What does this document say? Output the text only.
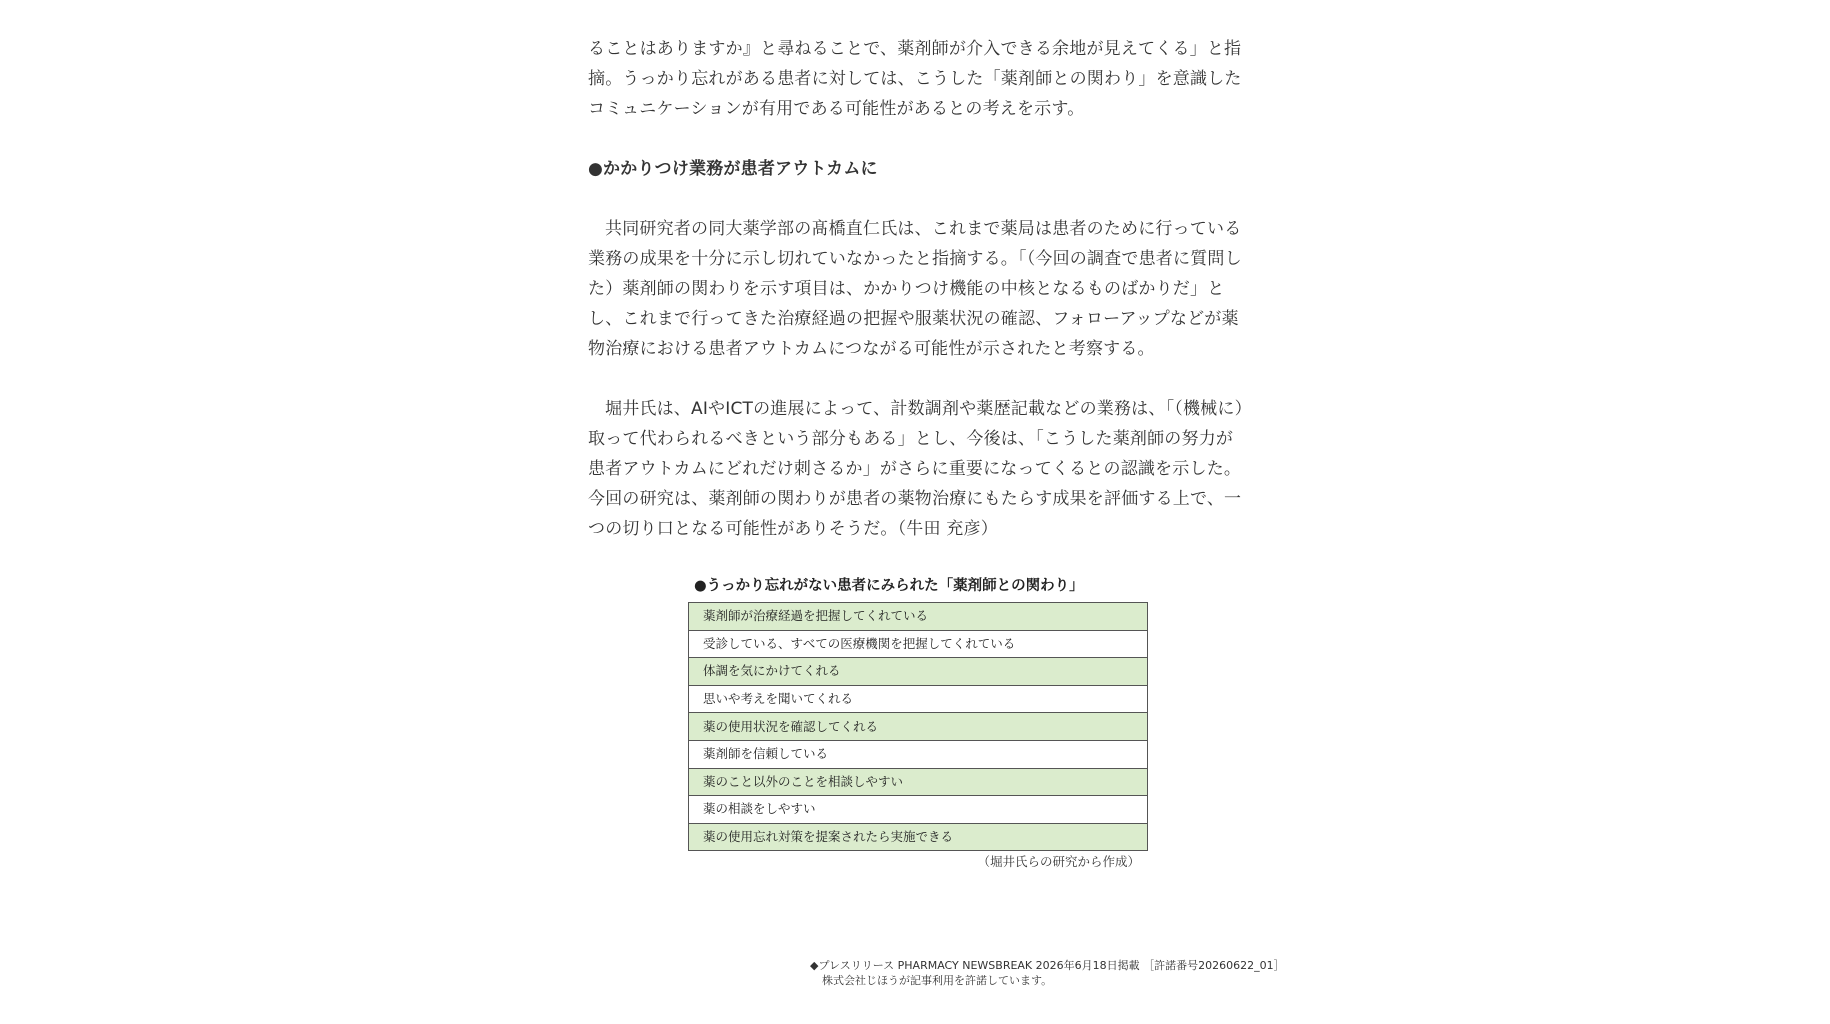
ることはありますか』と尋ねることで、薬剤師が介入できる余地が見えてくる」と指摘。うっかり忘れがある患者に対しては、こうした「薬剤師との関わり」を意識したコミュニケーションが有用である可能性があるとの考えを示す。

●かかりつけ業務が患者アウトカムに

共同研究者の同大薬学部の髙橋直仁氏は、これまで薬局は患者のために行っている業務の成果を十分に示し切れていなかったと指摘する。「（今回の調査で患者に質問した）薬剤師の関わりを示す項目は、かかりつけ機能の中核となるものばかりだ」とし、これまで行ってきた治療経過の把握や服薬状況の確認、フォローアップなどが薬物治療における患者アウトカムにつながる可能性が示されたと考察する。

堀井氏は、AIやICTの進展によって、計数調剤や薬歴記載などの業務は、「（機械に）取って代わられるべきという部分もある」とし、今後は、「こうした薬剤師の努力が患者アウトカムにどれだけ刺さるか」がさらに重要になってくるとの認識を示した。今回の研究は、薬剤師の関わりが患者の薬物治療にもたらす成果を評価する上で、一つの切り口となる可能性がありそうだ。（牛田 充彦）

●うっかり忘れがない患者にみられた「薬剤師との関わり」
薬剤師が治療経過を把握してくれている
受診している、すべての医療機関を把握してくれている
体調を気にかけてくれる
思いや考えを聞いてくれる
薬の使用状況を確認してくれる
薬剤師を信頼している
薬のこと以外のことを相談しやすい
薬の相談をしやすい
薬の使用忘れ対策を提案されたら実施できる
（堀井氏らの研究から作成）
◆プレスリリース PHARMACY NEWSBREAK 2026年6月18日掲載 ［許諾番号20260622_01］
株式会社じほうが記事利用を許諾しています。
